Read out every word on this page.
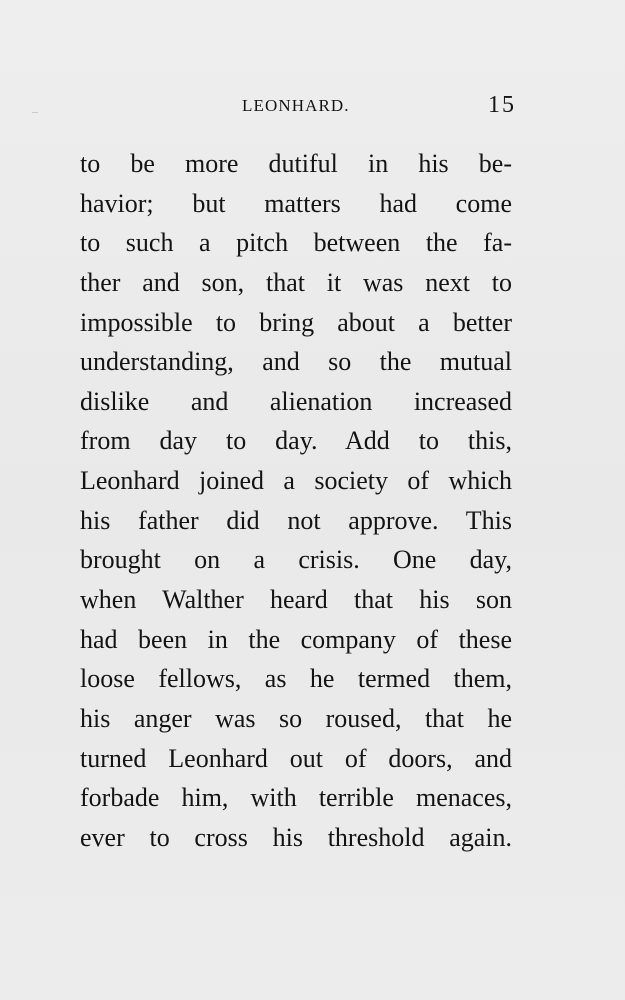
LEONHARD.	15
to be more dutiful in his be-
havior; but matters had come
to such a pitch between the fa-
ther and son, that it was next to
impossible to bring about a better
understanding, and so the mutual
dislike and alienation increased
from day to day. Add to this,
Leonhard joined a society of which
his father did not approve. This
brought on a crisis. One day,
when Walther heard that his son
had been in the company of these
loose fellows, as he termed them,
his anger was so roused, that he
turned Leonhard out of doors, and
forbade him, with terrible menaces,
ever to cross his threshold again.
